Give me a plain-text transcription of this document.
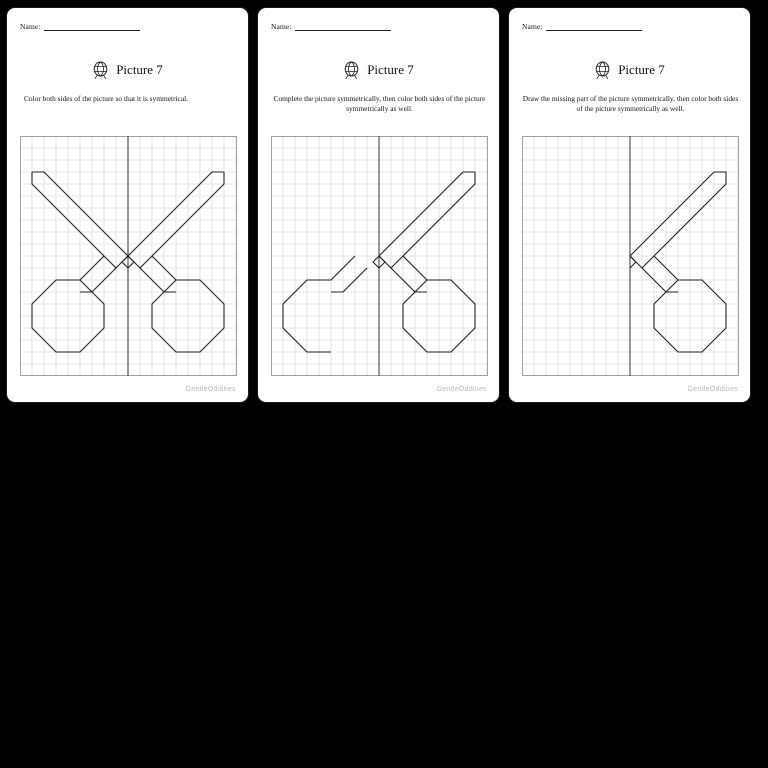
Name:
Picture 7
Color both sides of the picture so that it is symmetrical.
GentleOddities
Name:
Picture 7
Complete the picture symmetrically, then color both sides of the picture symmetrically as well.
GentleOddities
Name:
Picture 7
Draw the missing part of the picture symmetrically, then color both sides of the picture symmetrically as well.
GentleOddities
